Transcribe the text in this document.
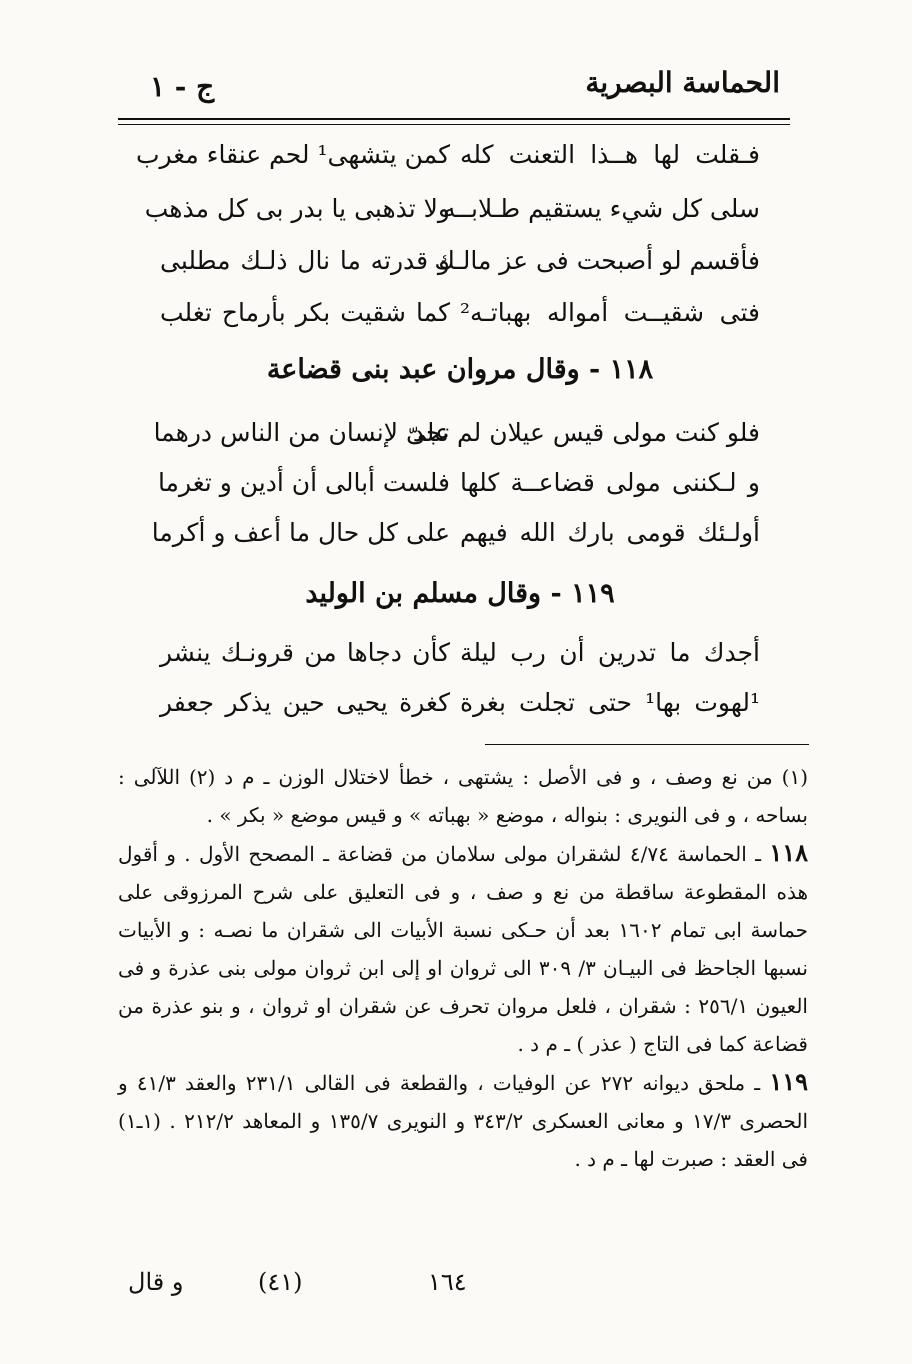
الحماسة البصرية
ج - ١
فـقلت لها هــذا التعنت كله
كمن يتشهى¹ لحم عنقاء مغرب
سلى كل شيء يستقيم طـلابــه
ولا تذهبى يا بدر بى كل مذهب
فأقسم لو أصبحت فى عز مالـك
و قدرته ما نال ذلـك مطلبى
فتى شقيــت أمواله بهباتـه²
كما شقيت بكر بأرماح تغلب
١١٨ - وقال مروان عبد بنى قضاعة
فلو كنت مولى قيس عيلان لم تجد
علىّ لإنسان من الناس درهما
و لـكننى مولى قضاعــة كلها
فلست أبالى أن أدين و تغرما
أولـئك قومى بارك الله فيهم
على كل حال ما أعف و أكرما
١١٩ - وقال مسلم بن الوليد
أجدك ما تدرين أن رب ليلة
كأن دجاها من قرونـك ينشر
¹لهوت بها¹ حتى تجلت بغرة
كغرة يحيى حين يذكر جعفر

(١) من نع وصف ، و فى الأصل : يشتهى ، خطأ لاختلال الوزن ـ م د (٢) اللآلى : بساحه ، و فى النويرى : بنواله ، موضع « بهباته » و قيس موضع « بكر » .

١١٨ ـ الحماسة ٤/٧٤ لشقران مولى سلامان من قضاعة ـ المصحح الأول . و أقول هذه المقطوعة ساقطة من نع و صف ، و فى التعليق على شرح المرزوقى على حماسة ابى تمام ١٦٠٢ بعد أن حـكى نسبة الأبيات الى شقران ما نصـه : و الأبيات نسبها الجاحظ فى البيـان ٣/ ٣٠٩ الى ثروان او إلى ابن ثروان مولى بنى عذرة و فى العيون ٢٥٦/١ : شقران ، فلعل مروان تحرف عن شقران او ثروان ، و بنو عذرة من قضاعة كما فى التاج ( عذر ) ـ م د .

١١٩ ـ ملحق ديوانه ٢٧٢ عن الوفيات ، والقطعة فى القالى ٢٣١/١ والعقد ٤١/٣ و الحصرى ١٧/٣ و معانى العسكرى ٣٤٣/٢ و النويرى ١٣٥/٧ و المعاهد ٢١٢/٢ . (١ـ١) فى العقد : صبرت لها ـ م د .

و قال	(٤١)	١٦٤
